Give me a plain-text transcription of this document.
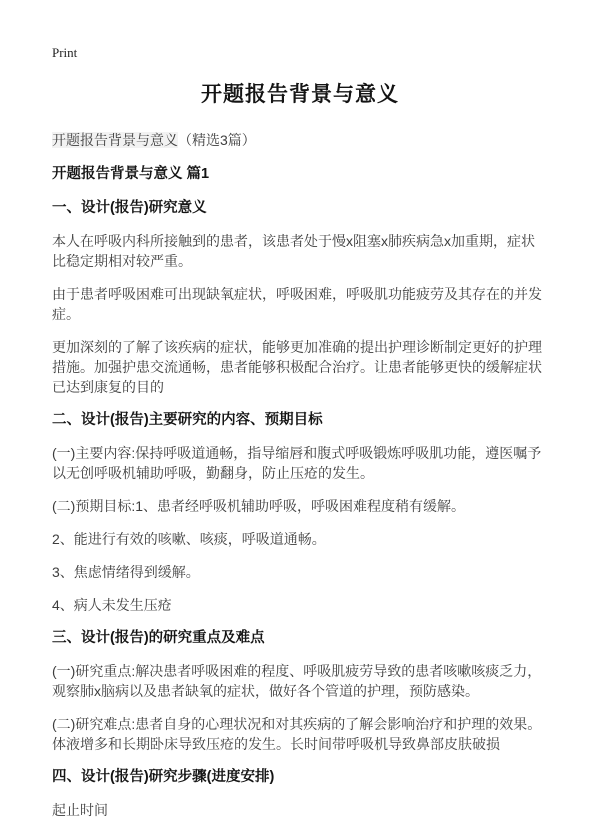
Print
开题报告背景与意义
开题报告背景与意义（精选3篇）
开题报告背景与意义 篇1
一、设计(报告)研究意义
本人在呼吸内科所接触到的患者，该患者处于慢x阻塞x肺疾病急x加重期，症状比稳定期相对较严重。
由于患者呼吸困难可出现缺氧症状，呼吸困难，呼吸肌功能疲劳及其存在的并发症。
更加深刻的了解了该疾病的症状，能够更加准确的提出护理诊断制定更好的护理措施。加强护患交流通畅，患者能够积极配合治疗。让患者能够更快的缓解症状已达到康复的目的
二、设计(报告)主要研究的内容、预期目标
(一)主要内容:保持呼吸道通畅，指导缩唇和腹式呼吸锻炼呼吸肌功能，遵医嘱予以无创呼吸机辅助呼吸，勤翻身，防止压疮的发生。
(二)预期目标:1、患者经呼吸机辅助呼吸，呼吸困难程度稍有缓解。
2、能进行有效的咳嗽、咳痰，呼吸道通畅。
3、焦虑情绪得到缓解。
4、病人未发生压疮
三、设计(报告)的研究重点及难点
(一)研究重点:解决患者呼吸困难的程度、呼吸肌疲劳导致的患者咳嗽咳痰乏力，观察肺x脑病以及患者缺氧的症状，做好各个管道的护理，预防感染。
(二)研究难点:患者自身的心理状况和对其疾病的了解会影响治疗和护理的效果。体液增多和长期卧床导致压疮的发生。长时间带呼吸机导致鼻部皮肤破损
四、设计(报告)研究步骤(进度安排)
起止时间
